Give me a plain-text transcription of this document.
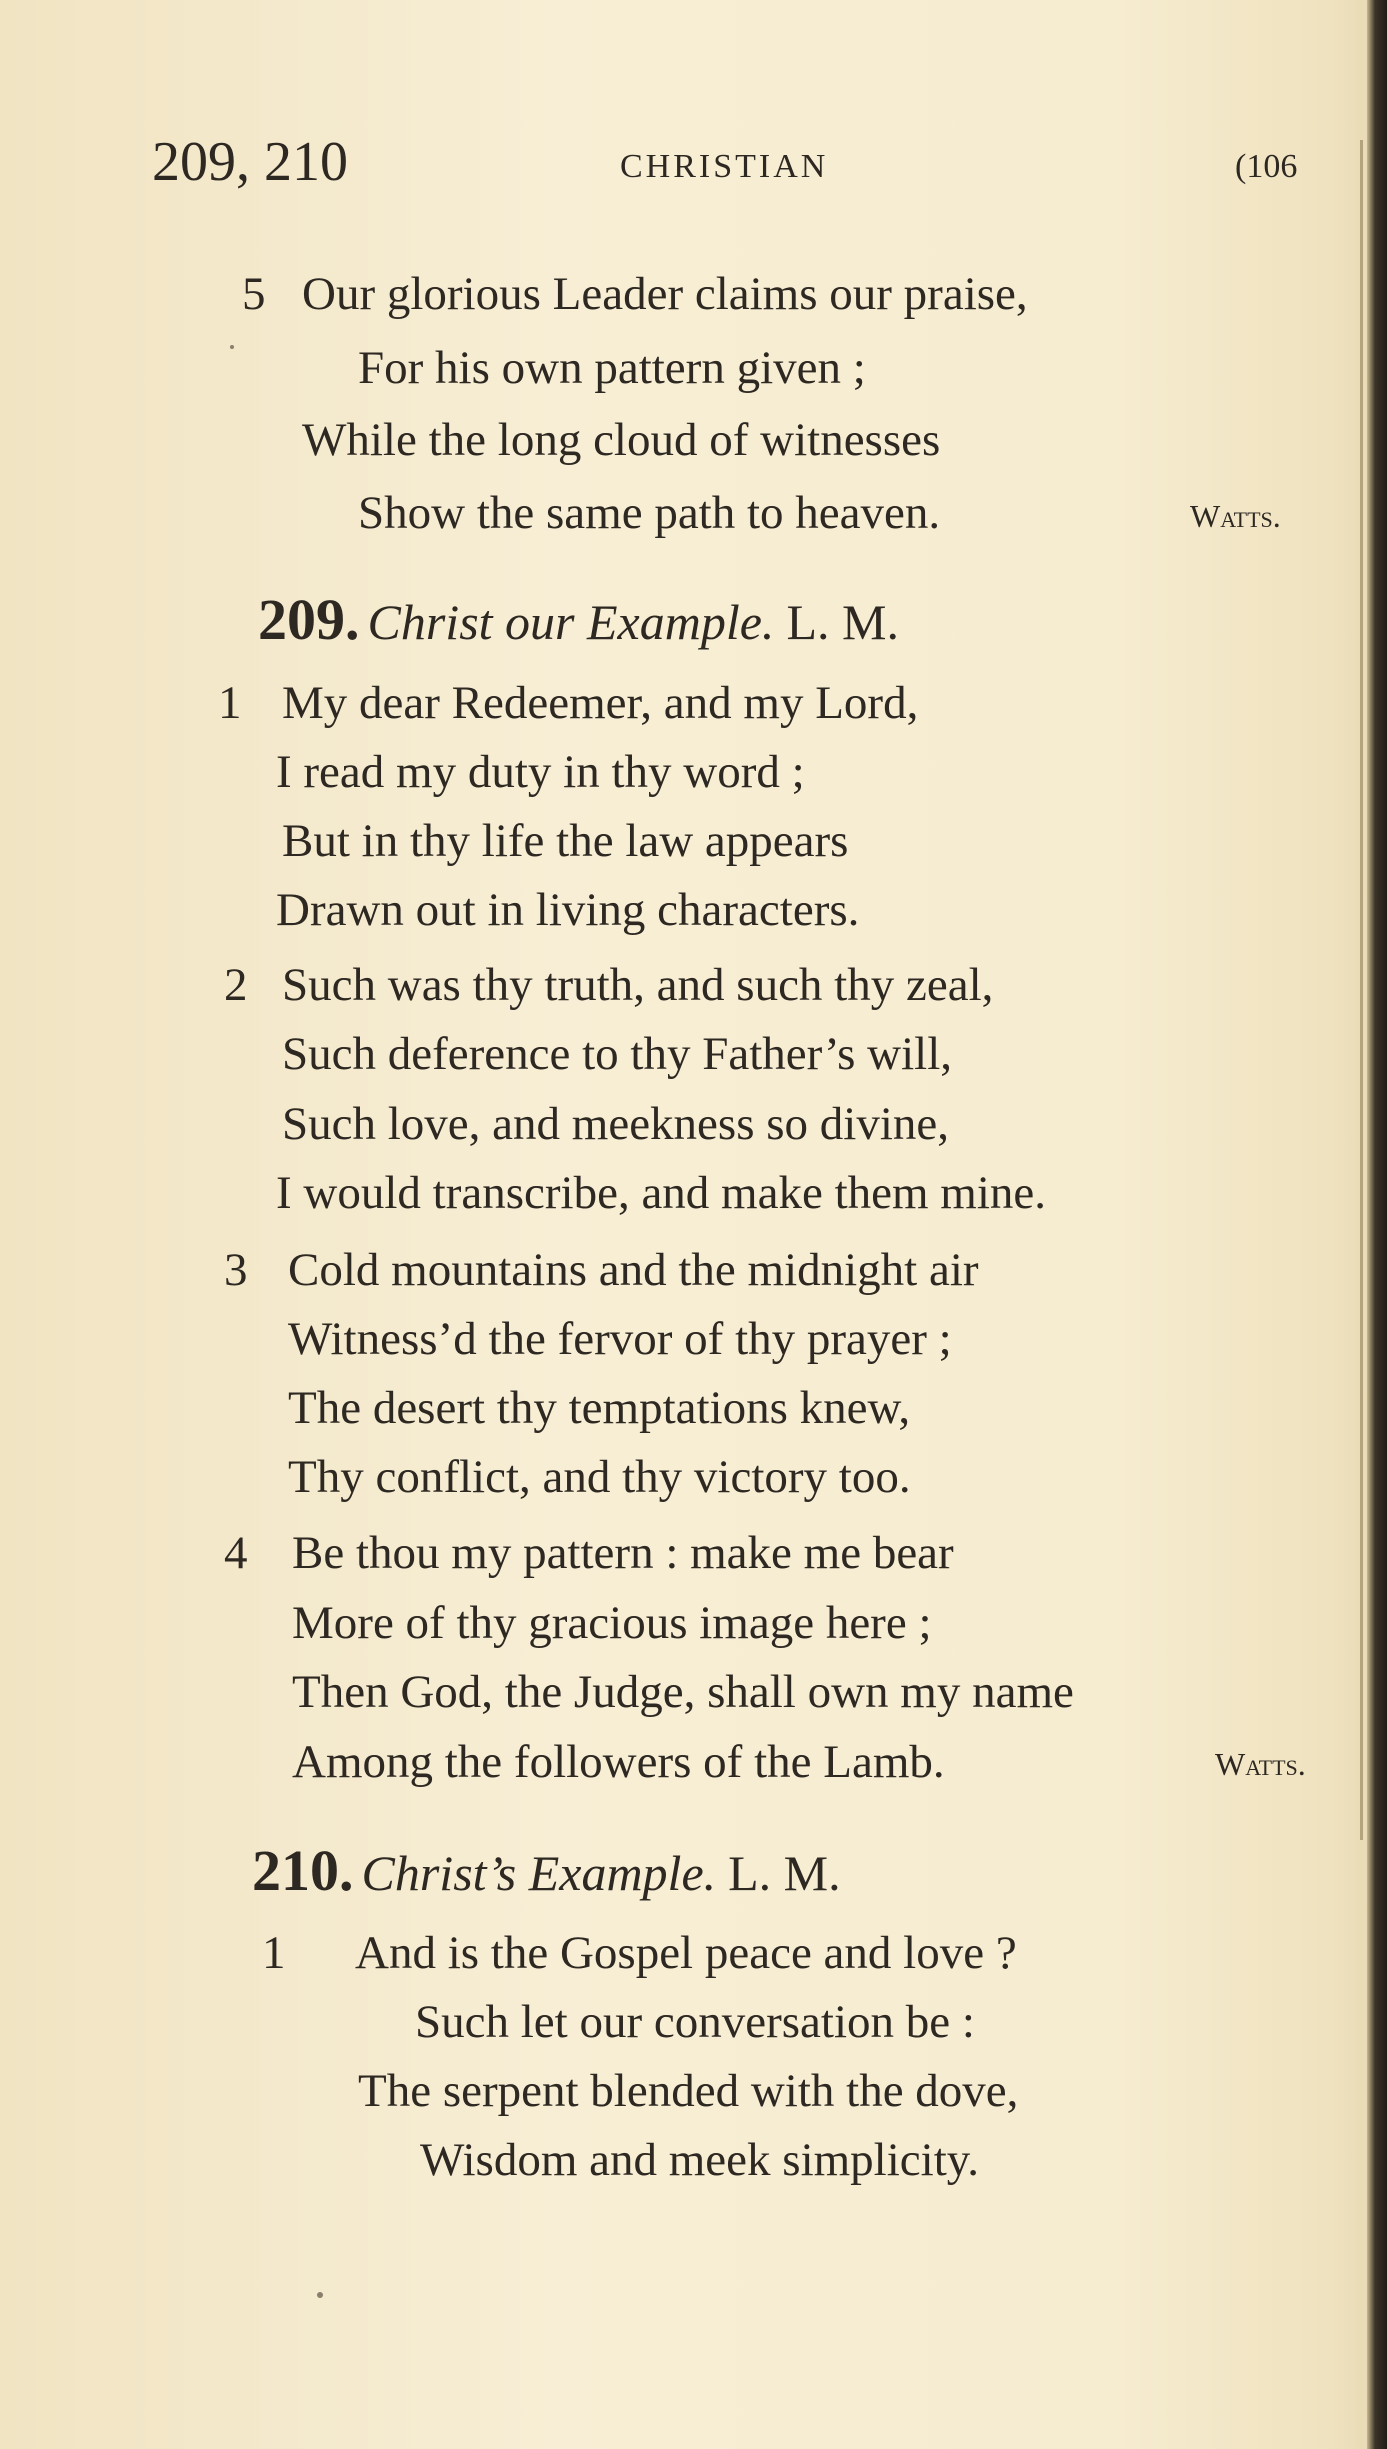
209, 210	CHRISTIAN	(106
5 Our glorious Leader claims our praise,
For his own pattern given ;
While the long cloud of witnesses
Show the same path to heaven.	Watts.
209. Christ our Example. L. M.
1 My dear Redeemer, and my Lord,
I read my duty in thy word ;
But in thy life the law appears
Drawn out in living characters.
2 Such was thy truth, and such thy zeal,
Such deference to thy Father’s will,
Such love, and meekness so divine,
I would transcribe, and make them mine.
3 Cold mountains and the midnight air
Witness’d the fervor of thy prayer ;
The desert thy temptations knew,
Thy conflict, and thy victory too.
4 Be thou my pattern : make me bear
More of thy gracious image here ;
Then God, the Judge, shall own my name
Among the followers of the Lamb.	Watts.
210. Christ’s Example. L. M.
1 And is the Gospel peace and love ?
Such let our conversation be :
The serpent blended with the dove,
Wisdom and meek simplicity.
